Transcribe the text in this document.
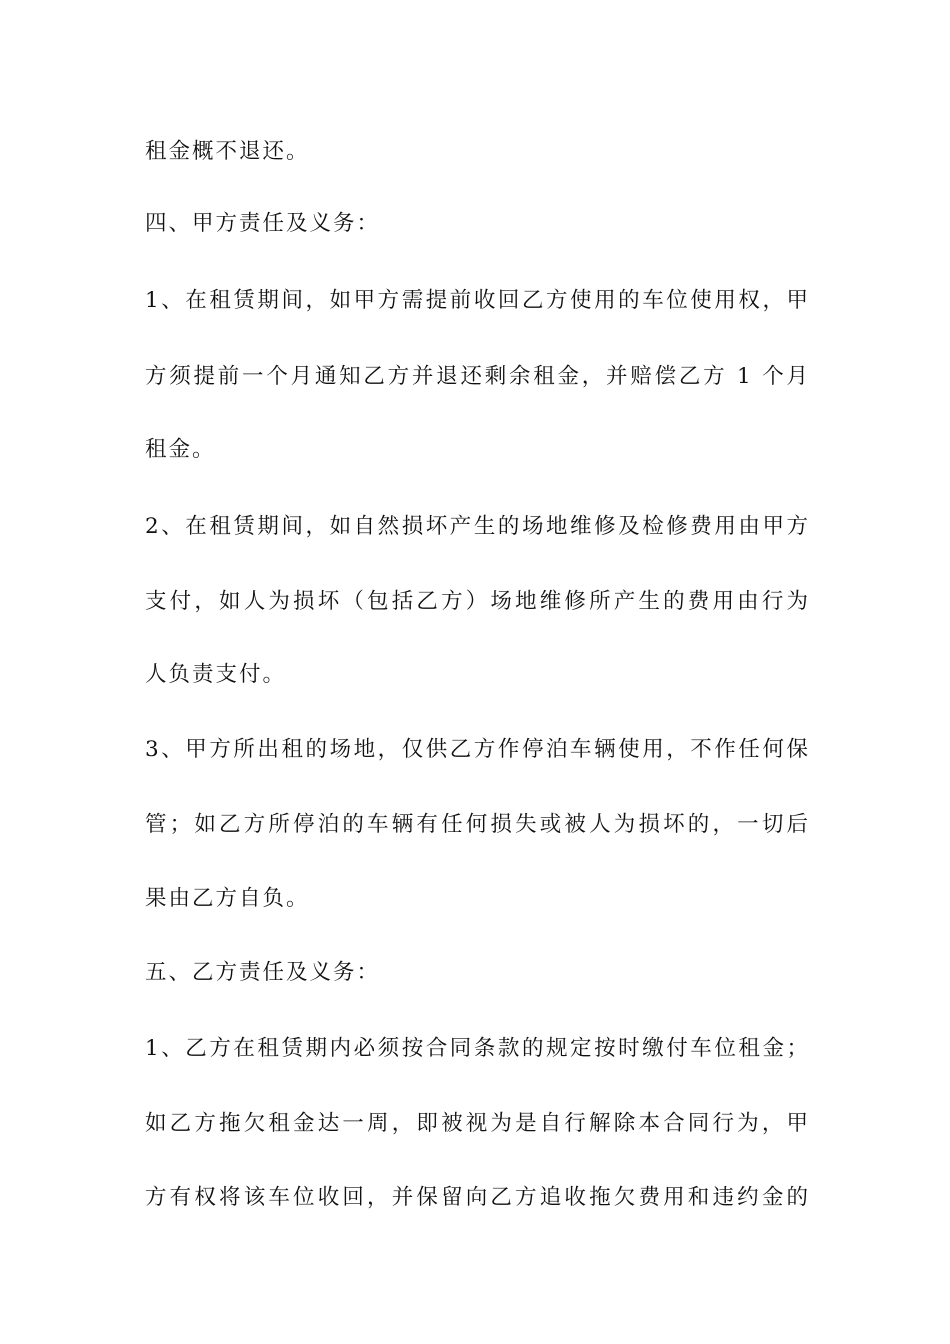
租金概不退还。
四、甲方责任及义务：
1、在租赁期间，如甲方需提前收回乙方使用的车位使用权，甲
方须提前一个月通知乙方并退还剩余租金，并赔偿乙方 1 个月
租金。
2、在租赁期间，如自然损坏产生的场地维修及检修费用由甲方
支付，如人为损坏（包括乙方）场地维修所产生的费用由行为
人负责支付。
3、甲方所出租的场地，仅供乙方作停泊车辆使用，不作任何保
管；如乙方所停泊的车辆有任何损失或被人为损坏的，一切后
果由乙方自负。
五、乙方责任及义务：
1、乙方在租赁期内必须按合同条款的规定按时缴付车位租金；
如乙方拖欠租金达一周，即被视为是自行解除本合同行为，甲
方有权将该车位收回，并保留向乙方追收拖欠费用和违约金的
